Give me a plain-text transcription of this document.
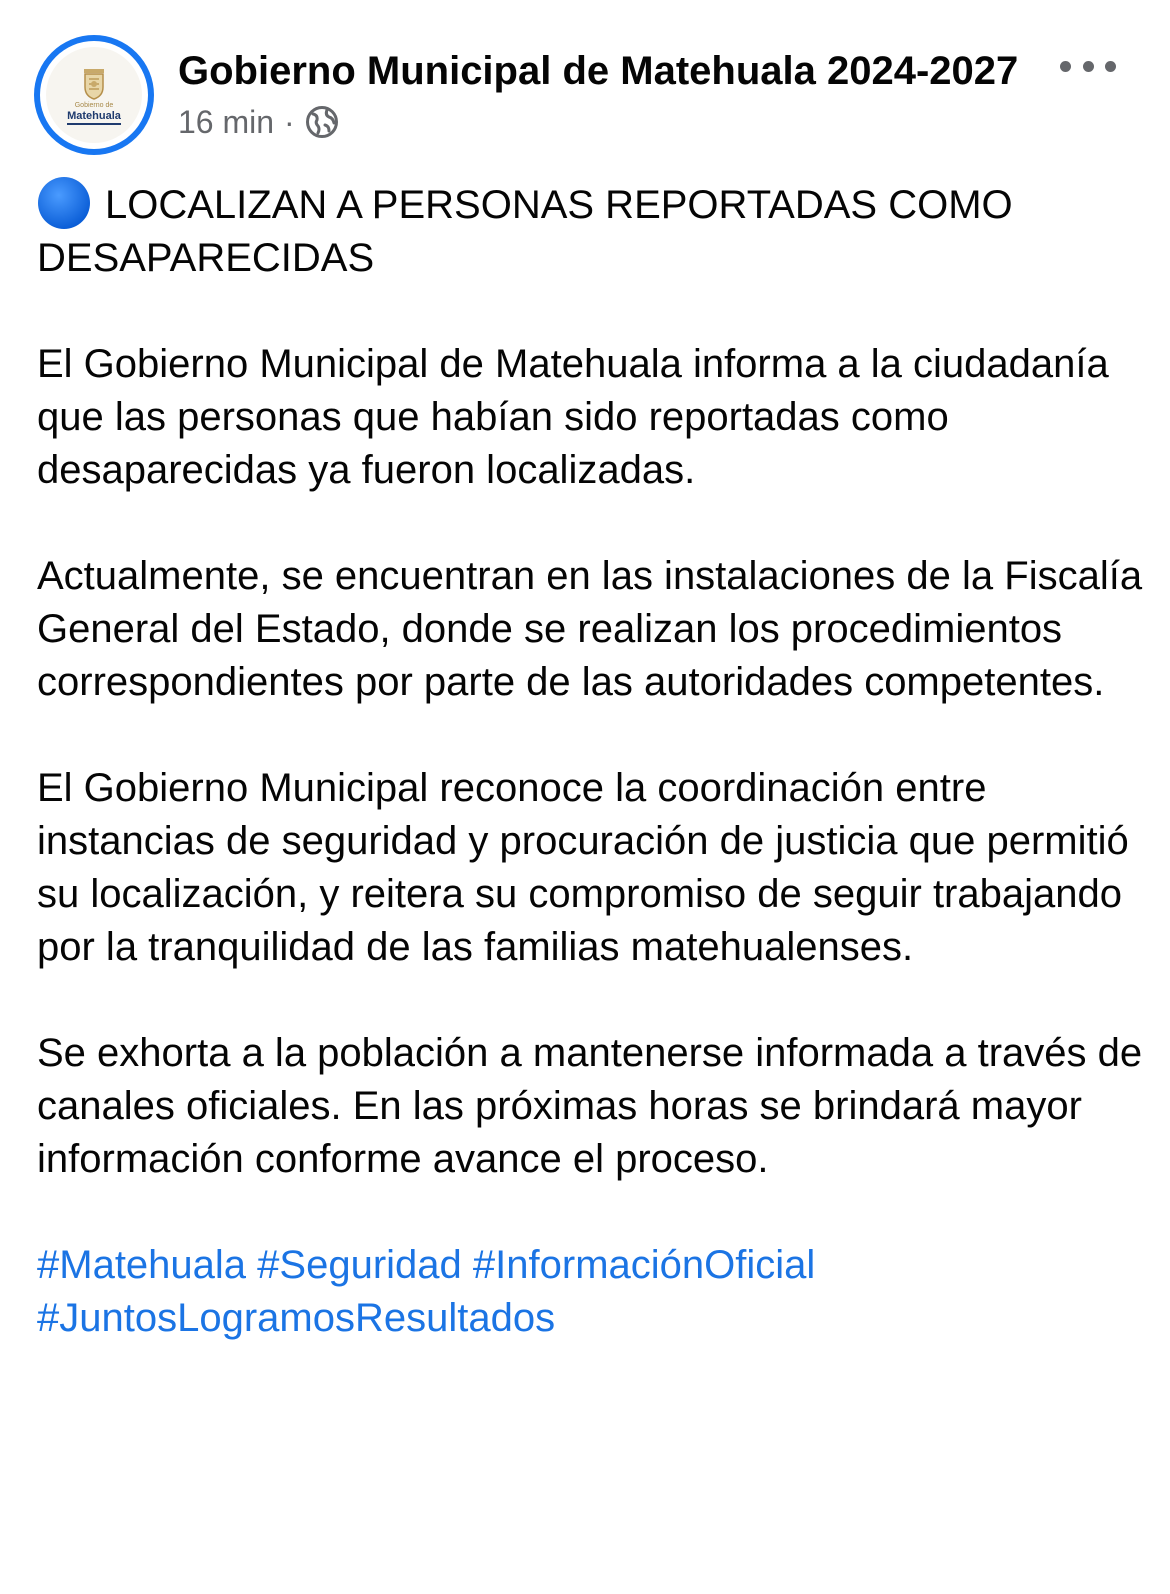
Gobierno de
Matehuala
Gobierno Municipal de Matehuala 2024-2027
16 min ·

LOCALIZAN A PERSONAS REPORTADAS COMO DESAPARECIDAS

El Gobierno Municipal de Matehuala informa a la ciudadanía que las personas que habían sido reportadas como desaparecidas ya fueron localizadas.

Actualmente, se encuentran en las instalaciones de la Fiscalía General del Estado, donde se realizan los procedimientos correspondientes por parte de las autoridades competentes.

El Gobierno Municipal reconoce la coordinación entre instancias de seguridad y procuración de justicia que permitió su localización, y reitera su compromiso de seguir trabajando por la tranquilidad de las familias matehualenses.

Se exhorta a la población a mantenerse informada a través de canales oficiales. En las próximas horas se brindará mayor información conforme avance el proceso.

#Matehuala #Seguridad #InformaciónOficial #JuntosLogramosResultados
